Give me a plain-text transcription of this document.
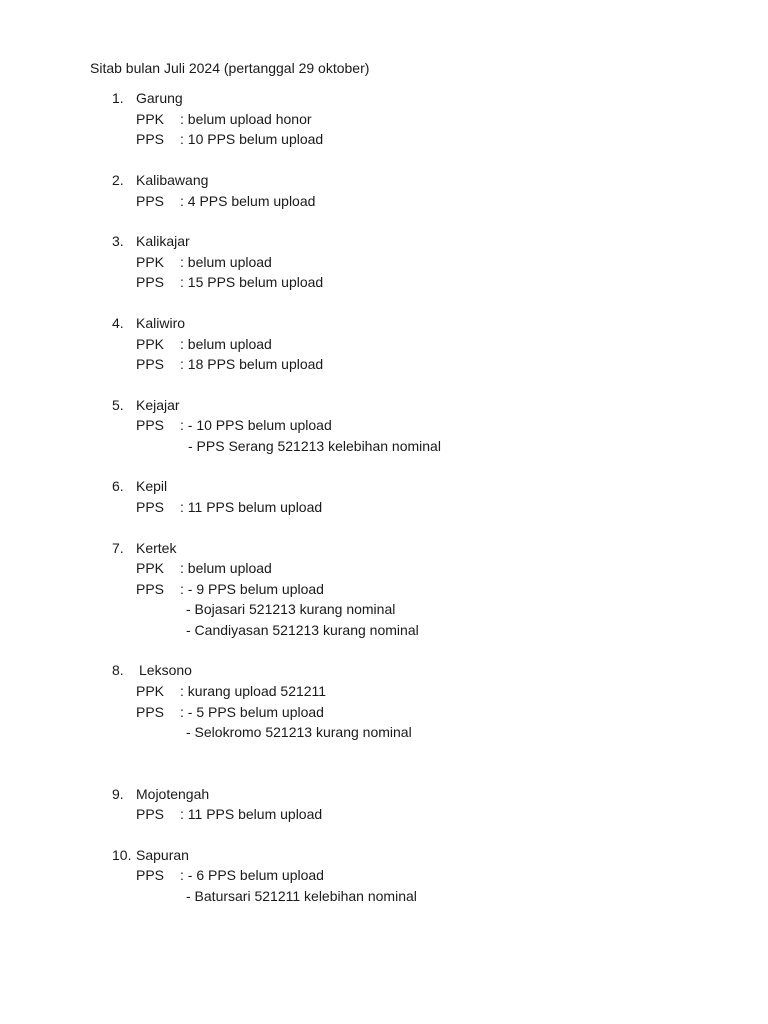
Sitab bulan Juli 2024 (pertanggal 29 oktober)
1. Garung
PPK : belum upload honor
PPS : 10 PPS belum upload
2. Kalibawang
PPS : 4 PPS belum upload
3. Kalikajar
PPK : belum upload
PPS : 15 PPS belum upload
4. Kaliwiro
PPK : belum upload
PPS : 18 PPS belum upload
5. Kejajar
PPS : - 10 PPS belum upload
- PPS Serang 521213 kelebihan nominal
6. Kepil
PPS : 11 PPS belum upload
7. Kertek
PPK : belum upload
PPS : - 9 PPS belum upload
- Bojasari 521213 kurang nominal
- Candiyasan 521213 kurang nominal
8. Leksono
PPK : kurang upload 521211
PPS : - 5 PPS belum upload
- Selokromo 521213 kurang nominal
9. Mojotengah
PPS : 11 PPS belum upload
10. Sapuran
PPS : - 6 PPS belum upload
- Batursari 521211 kelebihan nominal
